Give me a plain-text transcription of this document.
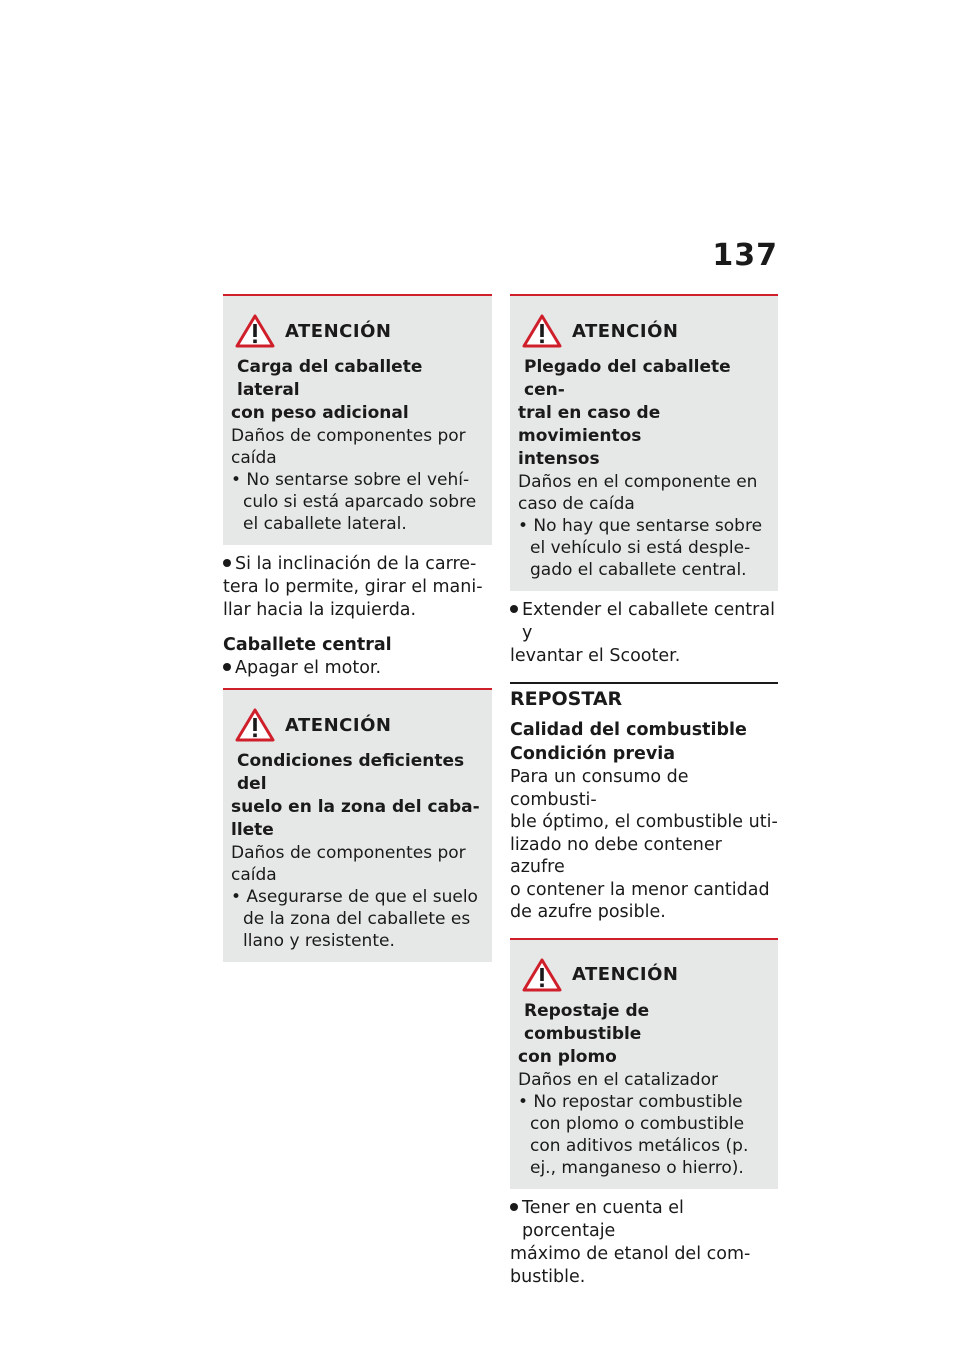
137
ATENCIÓN
Carga del caballete lateral
con peso adicional
Daños de componentes por
caída
• No sentarse sobre el vehí-
culo si está aparcado sobre
el caballete lateral.
Si la inclinación de la carre-
tera lo permite, girar el mani-
llar hacia la izquierda.
Caballete central
Apagar el motor.
ATENCIÓN
Condiciones deficientes del
suelo en la zona del caba-
llete
Daños de componentes por
caída
• Asegurarse de que el suelo
de la zona del caballete es
llano y resistente.
ATENCIÓN
Plegado del caballete cen-
tral en caso de movimientos
intensos
Daños en el componente en
caso de caída
• No hay que sentarse sobre
el vehículo si está desple-
gado el caballete central.
Extender el caballete central y
levantar el Scooter.
REPOSTAR
Calidad del combustible
Condición previa
Para un consumo de combusti-
ble óptimo, el combustible uti-
lizado no debe contener azufre
o contener la menor cantidad
de azufre posible.
ATENCIÓN
Repostaje de combustible
con plomo
Daños en el catalizador
• No repostar combustible
con plomo o combustible
con aditivos metálicos (p.
ej., manganeso o hierro).
Tener en cuenta el porcentaje
máximo de etanol del com-
bustible.
